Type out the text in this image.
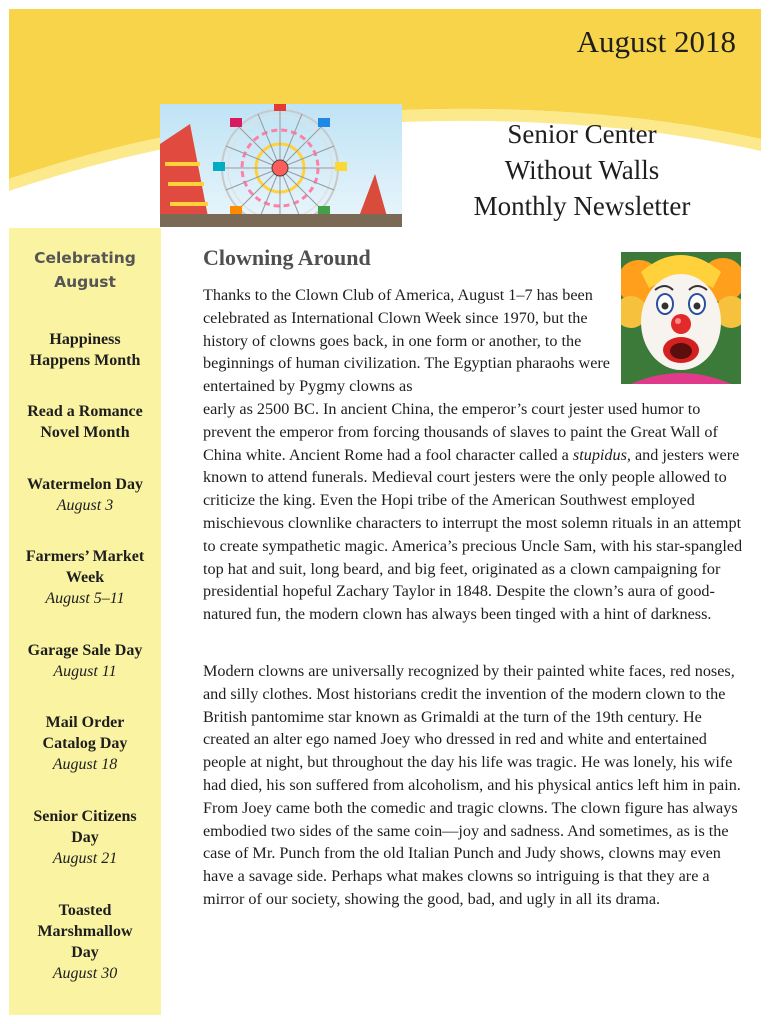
August 2018
Senior Center
Without Walls
Monthly Newsletter
Celebrating
August
Happiness Happens Month
Read a Romance Novel Month
Watermelon Day
August 3
Farmers’ Market Week
August 5–11
Garage Sale Day
August 11
Mail Order Catalog Day
August 18
Senior Citizens Day
August 21
Toasted Marshmallow Day
August 30
Clowning Around
Thanks to the Clown Club of America, August 1–7 has been celebrated as International Clown Week since 1970, but the history of clowns goes back, in one form or another, to the beginnings of human civilization. The Egyptian pharaohs were entertained by Pygmy clowns as
early as 2500 BC. In ancient China, the emperor’s court jester used humor to prevent the emperor from forcing thousands of slaves to paint the Great Wall of China white. Ancient Rome had a fool character called a stupidus, and jesters were known to attend funerals. Medieval court jesters were the only people allowed to criticize the king. Even the Hopi tribe of the American Southwest employed mischievous clownlike characters to interrupt the most solemn rituals in an attempt to create sympathetic magic. America’s precious Uncle Sam, with his star-spangled top hat and suit, long beard, and big feet, originated as a clown campaigning for presidential hopeful Zachary Taylor in 1848. Despite the clown’s aura of good-natured fun, the modern clown has always been tinged with a hint of darkness.
Modern clowns are universally recognized by their painted white faces, red noses, and silly clothes. Most historians credit the invention of the modern clown to the British pantomime star known as Grimaldi at the turn of the 19th century. He created an alter ego named Joey who dressed in red and white and entertained people at night, but throughout the day his life was tragic. He was lonely, his wife had died, his son suffered from alcoholism, and his physical antics left him in pain. From Joey came both the comedic and tragic clowns. The clown figure has always embodied two sides of the same coin—joy and sadness. And sometimes, as is the case of Mr. Punch from the old Italian Punch and Judy shows, clowns may even have a savage side. Perhaps what makes clowns so intriguing is that they are a mirror of our society, showing the good, bad, and ugly in all its drama.
